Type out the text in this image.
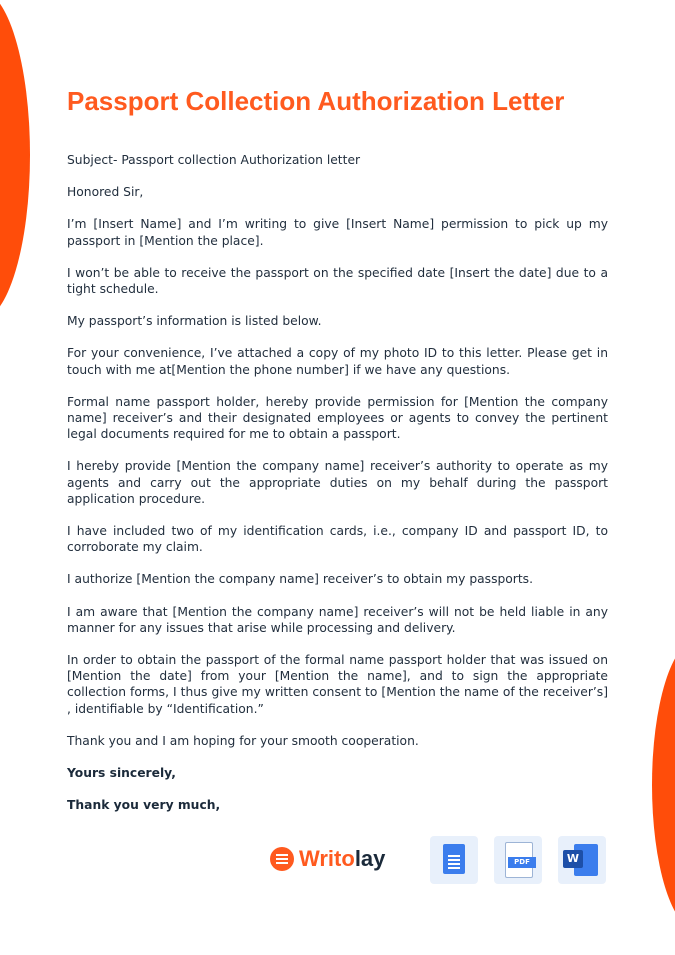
Passport Collection Authorization Letter

Subject- Passport collection Authorization letter

Honored Sir,

I’m [Insert Name] and I’m writing to give [Insert Name] permission to pick up my passport in [Mention the place].

I won’t be able to receive the passport on the specified date [Insert the date] due to a tight schedule.

My passport’s information is listed below.

For your convenience, I’ve attached a copy of my photo ID to this letter. Please get in touch with me at[Mention the phone number] if we have any questions.

Formal name passport holder, hereby provide permission for [Mention the company name] receiver’s and their designated employees or agents to convey the pertinent legal documents required for me to obtain a passport.

I hereby provide [Mention the company name] receiver’s authority to operate as my agents and carry out the appropriate duties on my behalf during the passport application procedure.

I have included two of my identification cards, i.e., company ID and passport ID, to corroborate my claim.

I authorize [Mention the company name] receiver’s to obtain my passports.

I am aware that [Mention the company name] receiver’s will not be held liable in any manner for any issues that arise while processing and delivery.

In order to obtain the passport of the formal name passport holder that was issued on [Mention the date] from your [Mention the name], and to sign the appropriate collection forms, I thus give my written consent to [Mention the name of the receiver’s] , identifiable by “Identification.”

Thank you and I am hoping for your smooth cooperation.

Yours sincerely,

Thank you very much,

Writolay	PDF	W
